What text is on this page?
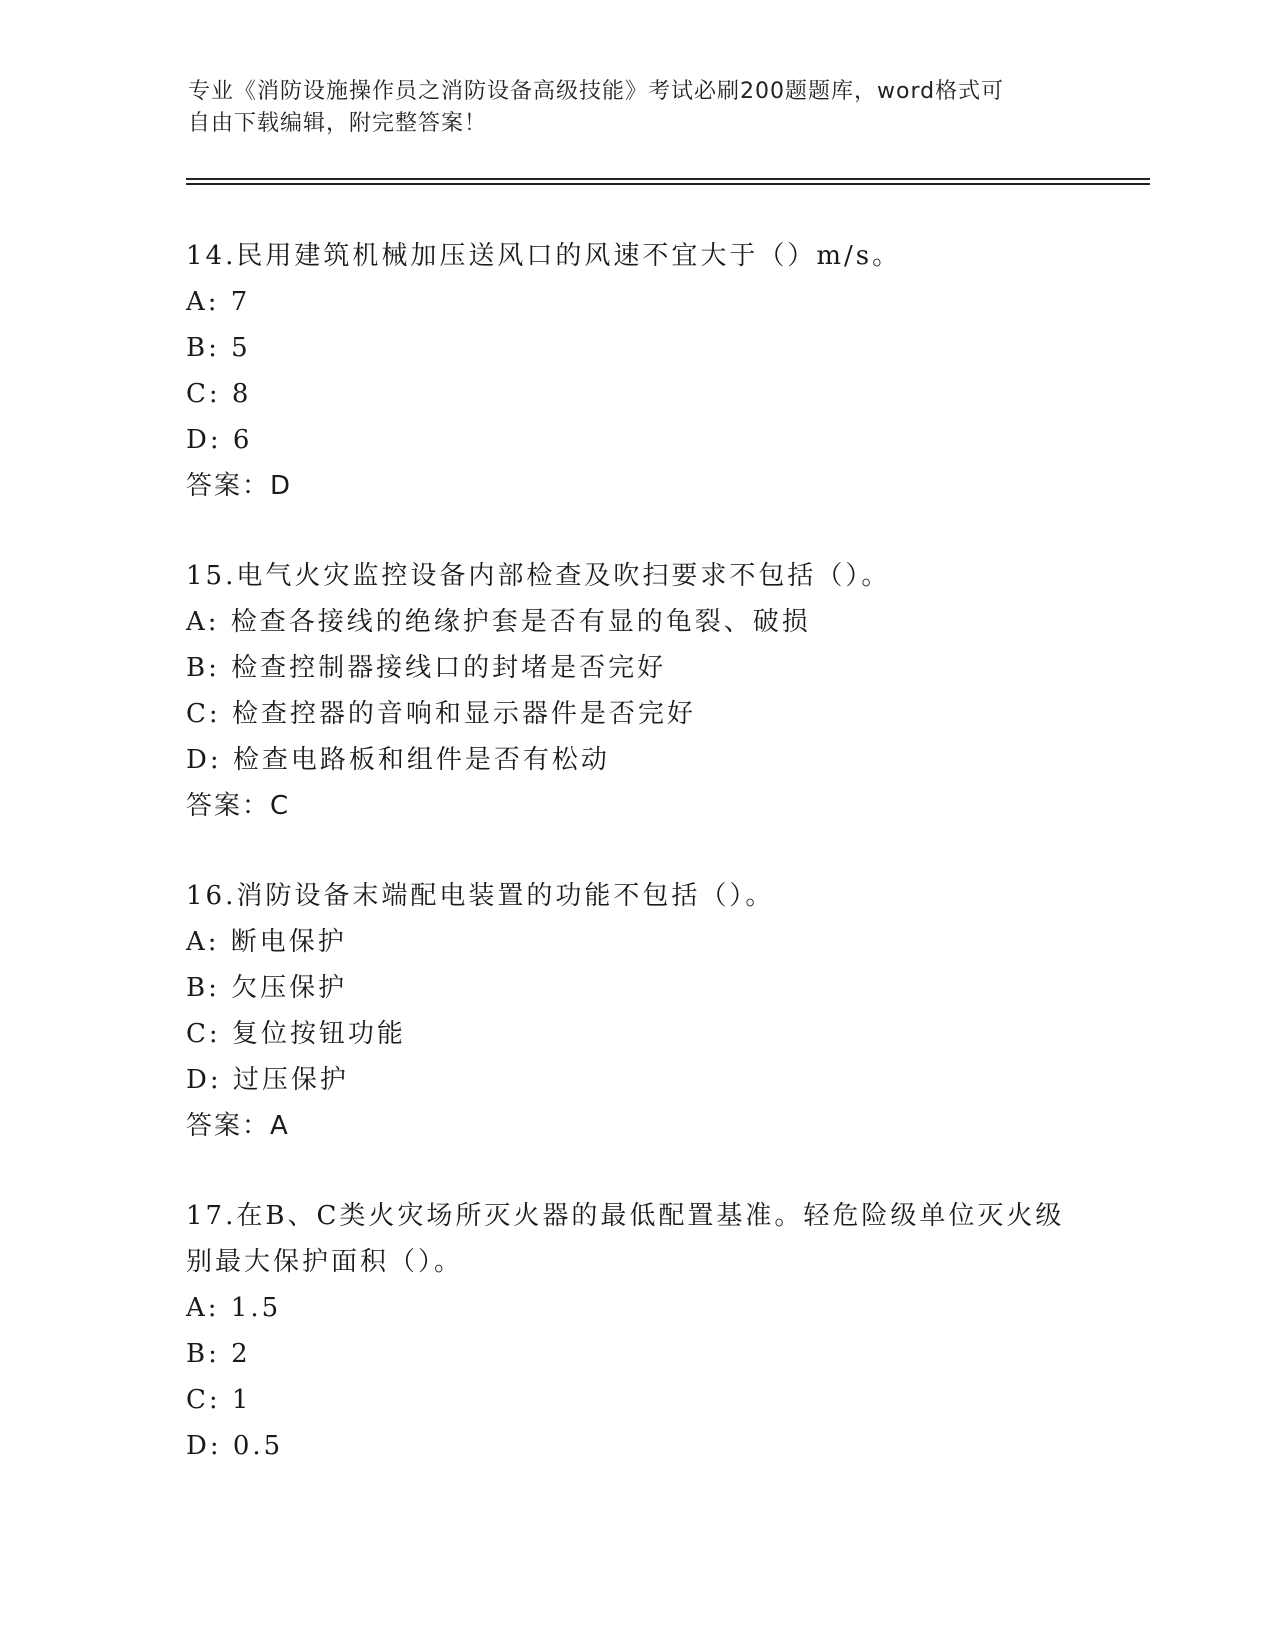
专业《消防设施操作员之消防设备高级技能》考试必刷200题题库，word格式可
自由下载编辑，附完整答案！

14.民用建筑机械加压送风口的风速不宜大于（）m/s。

A: 7

B: 5

C: 8

D: 6

答案：D

15.电气火灾监控设备内部检查及吹扫要求不包括（）。

A: 检查各接线的绝缘护套是否有显的龟裂、破损

B: 检查控制器接线口的封堵是否完好

C: 检查控器的音响和显示器件是否完好

D: 检查电路板和组件是否有松动

答案：C

16.消防设备末端配电装置的功能不包括（）。

A: 断电保护

B: 欠压保护

C: 复位按钮功能

D: 过压保护

答案：A

17.在B、C类火灾场所灭火器的最低配置基准。轻危险级单位灭火级

别最大保护面积（）。

A: 1.5

B: 2

C: 1

D: 0.5
